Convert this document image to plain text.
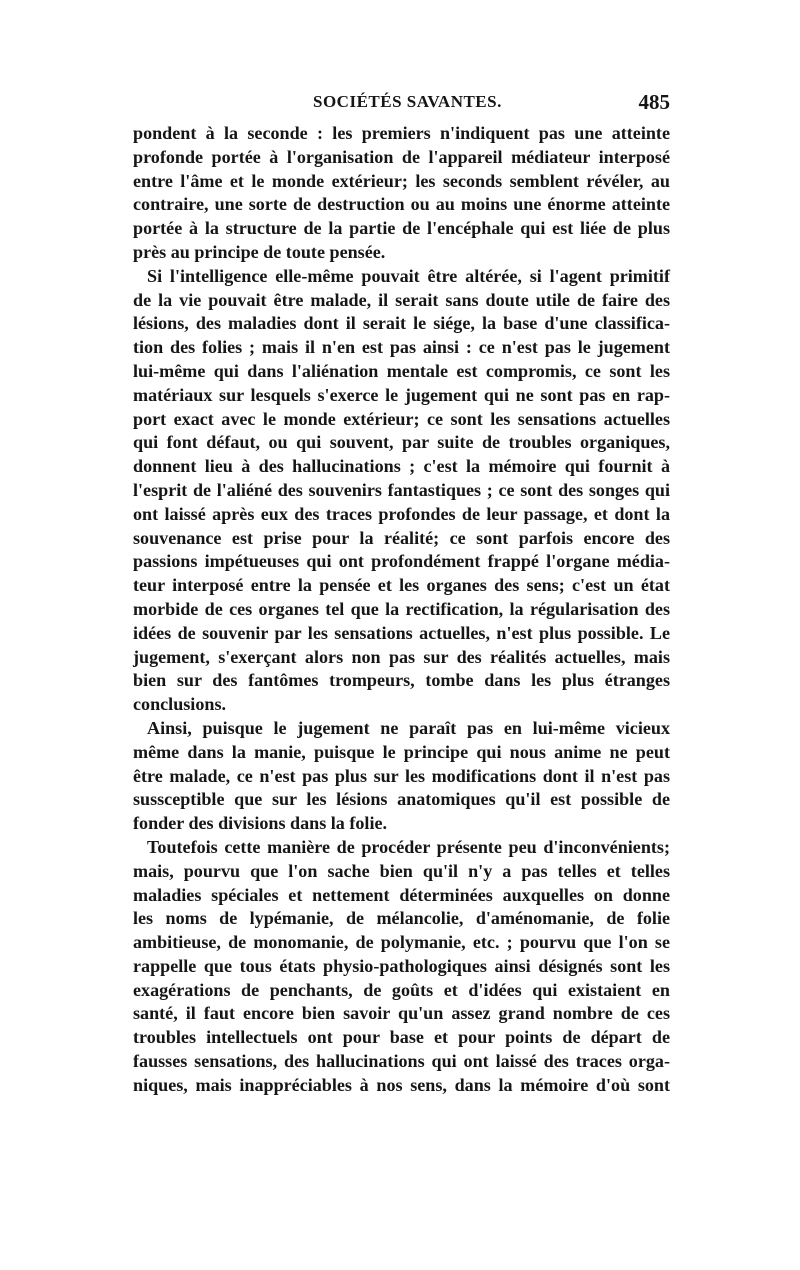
SOCIÉTÉS SAVANTES.	485

pondent à la seconde : les premiers n'indiquent pas une atteinte

profonde portée à l'organisation de l'appareil médiateur interposé

entre l'âme et le monde extérieur; les seconds semblent révéler, au

contraire, une sorte de destruction ou au moins une énorme atteinte

portée à la structure de la partie de l'encéphale qui est liée de plus

près au principe de toute pensée.

Si l'intelligence elle-même pouvait être altérée, si l'agent primitif

de la vie pouvait être malade, il serait sans doute utile de faire des

lésions, des maladies dont il serait le siége, la base d'une classifica-

tion des folies ; mais il n'en est pas ainsi : ce n'est pas le jugement

lui-même qui dans l'aliénation mentale est compromis, ce sont les

matériaux sur lesquels s'exerce le jugement qui ne sont pas en rap-

port exact avec le monde extérieur; ce sont les sensations actuelles

qui font défaut, ou qui souvent, par suite de troubles organiques,

donnent lieu à des hallucinations ; c'est la mémoire qui fournit à

l'esprit de l'aliéné des souvenirs fantastiques ; ce sont des songes qui

ont laissé après eux des traces profondes de leur passage, et dont la

souvenance est prise pour la réalité; ce sont parfois encore des

passions impétueuses qui ont profondément frappé l'organe média-

teur interposé entre la pensée et les organes des sens; c'est un état

morbide de ces organes tel que la rectification, la régularisation des

idées de souvenir par les sensations actuelles, n'est plus possible. Le

jugement, s'exerçant alors non pas sur des réalités actuelles, mais

bien sur des fantômes trompeurs, tombe dans les plus étranges

conclusions.

Ainsi, puisque le jugement ne paraît pas en lui-même vicieux

même dans la manie, puisque le principe qui nous anime ne peut

être malade, ce n'est pas plus sur les modifications dont il n'est pas

sussceptible que sur les lésions anatomiques qu'il est possible de

fonder des divisions dans la folie.

Toutefois cette manière de procéder présente peu d'inconvénients;

mais, pourvu que l'on sache bien qu'il n'y a pas telles et telles

maladies spéciales et nettement déterminées auxquelles on donne

les noms de lypémanie, de mélancolie, d'aménomanie, de folie

ambitieuse, de monomanie, de polymanie, etc. ; pourvu que l'on se

rappelle que tous états physio-pathologiques ainsi désignés sont les

exagérations de penchants, de goûts et d'idées qui existaient en

santé, il faut encore bien savoir qu'un assez grand nombre de ces

troubles intellectuels ont pour base et pour points de départ de

fausses sensations, des hallucinations qui ont laissé des traces orga-

niques, mais inappréciables à nos sens, dans la mémoire d'où sont
